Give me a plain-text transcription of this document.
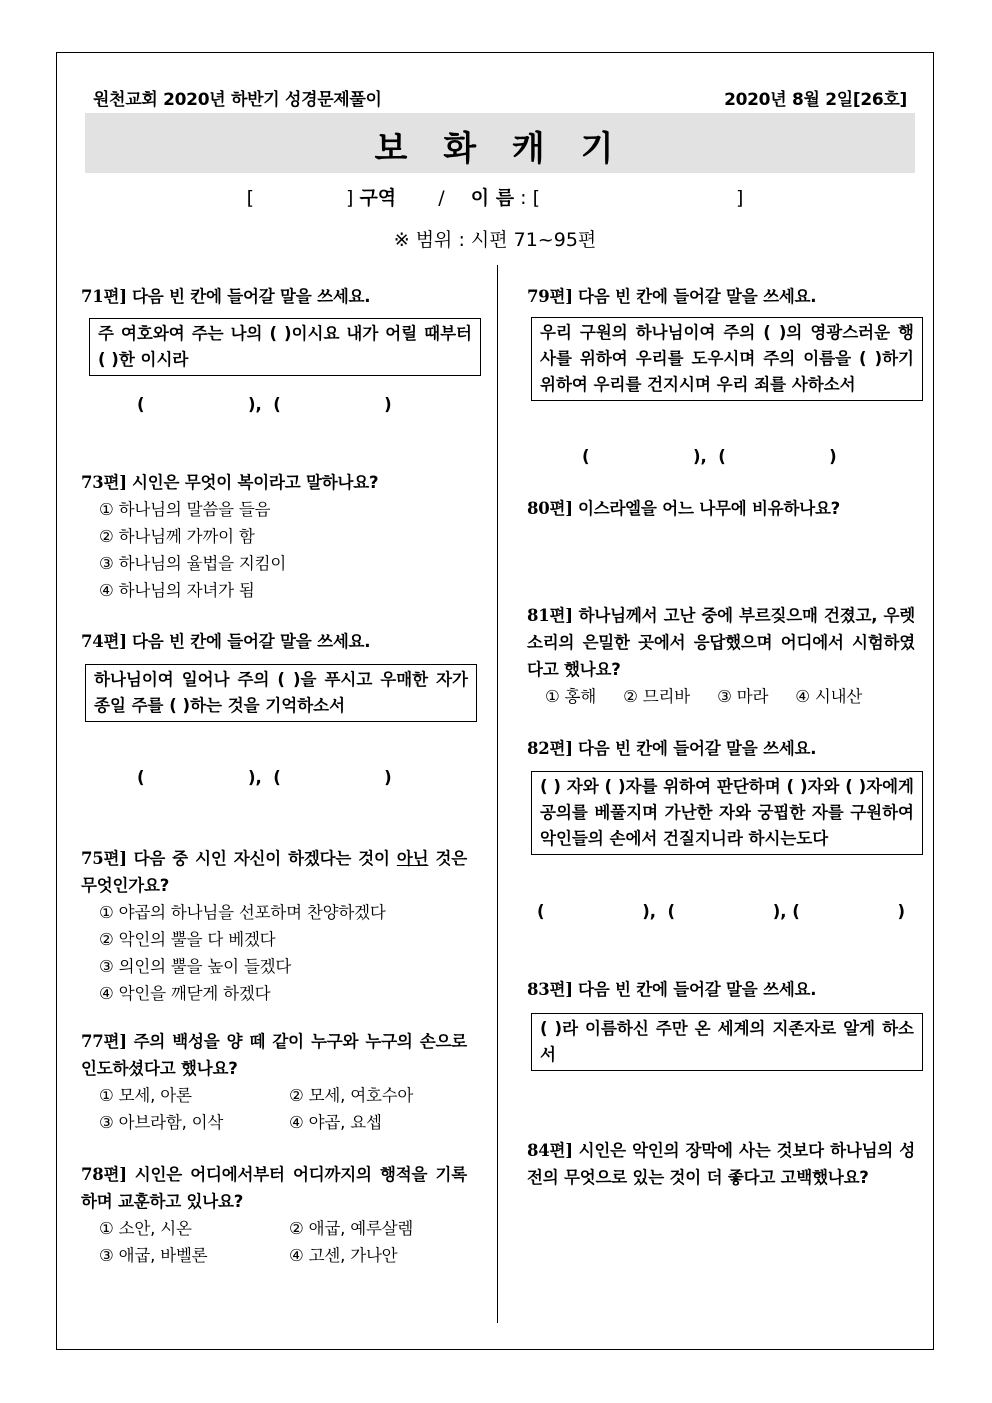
원천교회 2020년 하반기 성경문제풀이	2020년 8월 2일[26호]
보 화 캐 기
[	] 구역 / 이 름 : [	]
※ 범위 : 시편 71~95편
71편] 다음 빈 칸에 들어갈 말을 쓰세요.
주 여호와여 주는 나의 ( )이시요 내가 어릴 때부터 ( )한 이시라
(                  ),  (                  )
73편] 시인은 무엇이 복이라고 말하나요?
① 하나님의 말씀을 들음
② 하나님께 가까이 함
③ 하나님의 율법을 지킴이
④ 하나님의 자녀가 됨
74편] 다음 빈 칸에 들어갈 말을 쓰세요.
하나님이여 일어나 주의 ( )을 푸시고 우매한 자가 종일 주를 ( )하는 것을 기억하소서
(                  ),  (                  )
75편] 다음 중 시인 자신이 하겠다는 것이 아닌 것은 무엇인가요?
① 야곱의 하나님을 선포하며 찬양하겠다
② 악인의 뿔을 다 베겠다
③ 의인의 뿔을 높이 들겠다
④ 악인을 깨닫게 하겠다
77편] 주의 백성을 양 떼 같이 누구와 누구의 손으로 인도하셨다고 했나요?
① 모세, 아론	② 모세, 여호수아
③ 아브라함, 이삭	④ 야곱, 요셉
78편] 시인은 어디에서부터 어디까지의 행적을 기록하며 교훈하고 있나요?
① 소안, 시온	② 애굽, 예루살렘
③ 애굽, 바벨론	④ 고센, 가나안
79편] 다음 빈 칸에 들어갈 말을 쓰세요.
우리 구원의 하나님이여 주의 ( )의 영광스러운 행사를 위하여 우리를 도우시며 주의 이름을 ( )하기 위하여 우리를 건지시며 우리 죄를 사하소서
(                  ),  (                  )
80편] 이스라엘을 어느 나무에 비유하나요?
81편] 하나님께서 고난 중에 부르짖으매 건졌고, 우렛소리의 은밀한 곳에서 응답했으며 어디에서 시험하였다고 했나요?
① 홍해 ② 므리바 ③ 마라 ④ 시내산
82편] 다음 빈 칸에 들어갈 말을 쓰세요.
( ) 자와 ( )자를 위하여 판단하며 ( )자와 ( )자에게 공의를 베풀지며 가난한 자와 궁핍한 자를 구원하여 악인들의 손에서 건질지니라 하시는도다
(                 ),  (                 ), (                 )
83편] 다음 빈 칸에 들어갈 말을 쓰세요.
( )라 이름하신 주만 온 세계의 지존자로 알게 하소서
84편] 시인은 악인의 장막에 사는 것보다 하나님의 성전의 무엇으로 있는 것이 더 좋다고 고백했나요?
